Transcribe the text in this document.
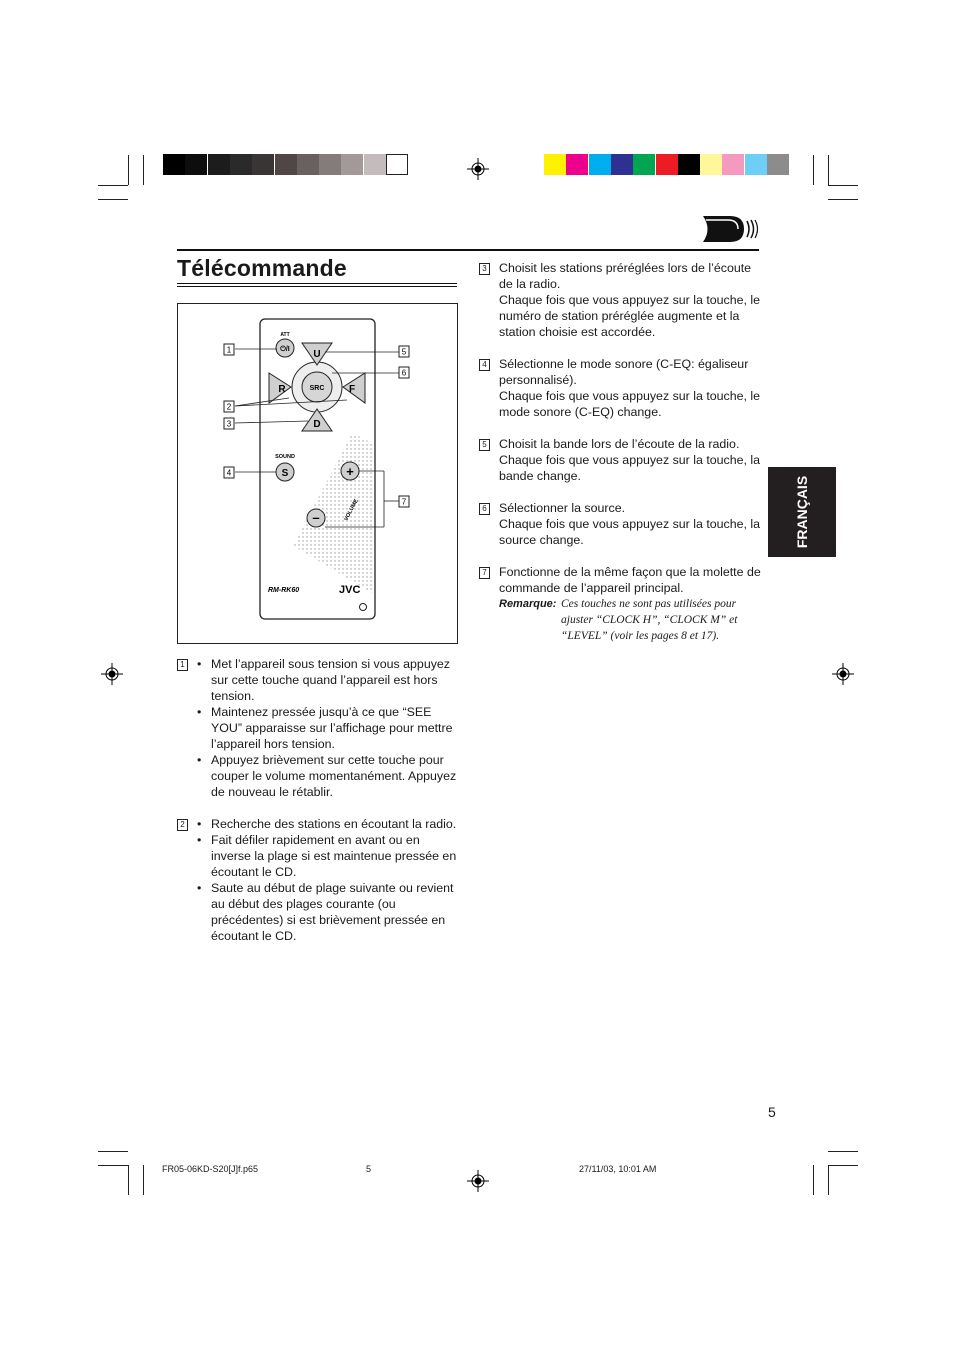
Télécommande
U
D
R	F
SRC
ATT
⏻/I
SOUND
S	+
–	VOLUME
RM-RK60	JVC
1
2
3
4
5
6
7
1	• Met l’appareil sous tension si vous appuyez sur cette touche quand l’appareil est hors tension.
• Maintenez pressée jusqu’à ce que “SEE YOU” apparaisse sur l’affichage pour mettre l’appareil hors tension.
• Appuyez brièvement sur cette touche pour couper le volume momentanément. Appuyez de nouveau le rétablir.
2	• Recherche des stations en écoutant la radio.
• Fait défiler rapidement en avant ou en inverse la plage si est maintenue pressée en écoutant le CD.
• Saute au début de plage suivante ou revient au début des plages courante (ou précédentes) si est brièvement pressée en écoutant le CD.
3 Choisit les stations préréglées lors de l’écoute de la radio.
Chaque fois que vous appuyez sur la touche, le numéro de station préréglée augmente et la station choisie est accordée.
4 Sélectionne le mode sonore (C-EQ: égaliseur personnalisé).
Chaque fois que vous appuyez sur la touche, le mode sonore (C-EQ) change.
5 Choisit la bande lors de l’écoute de la radio.
Chaque fois que vous appuyez sur la touche, la bande change.
6 Sélectionner la source.
Chaque fois que vous appuyez sur la touche, la source change.
7 Fonctionne de la même façon que la molette de commande de l’appareil principal.
Remarque: Ces touches ne sont pas utilisées pour ajuster “CLOCK H”, “CLOCK M” et “LEVEL” (voir les pages 8 et 17).
FRANÇAIS
5
FR05-06KD-S20[J]f.p65	5	27/11/03, 10:01 AM
